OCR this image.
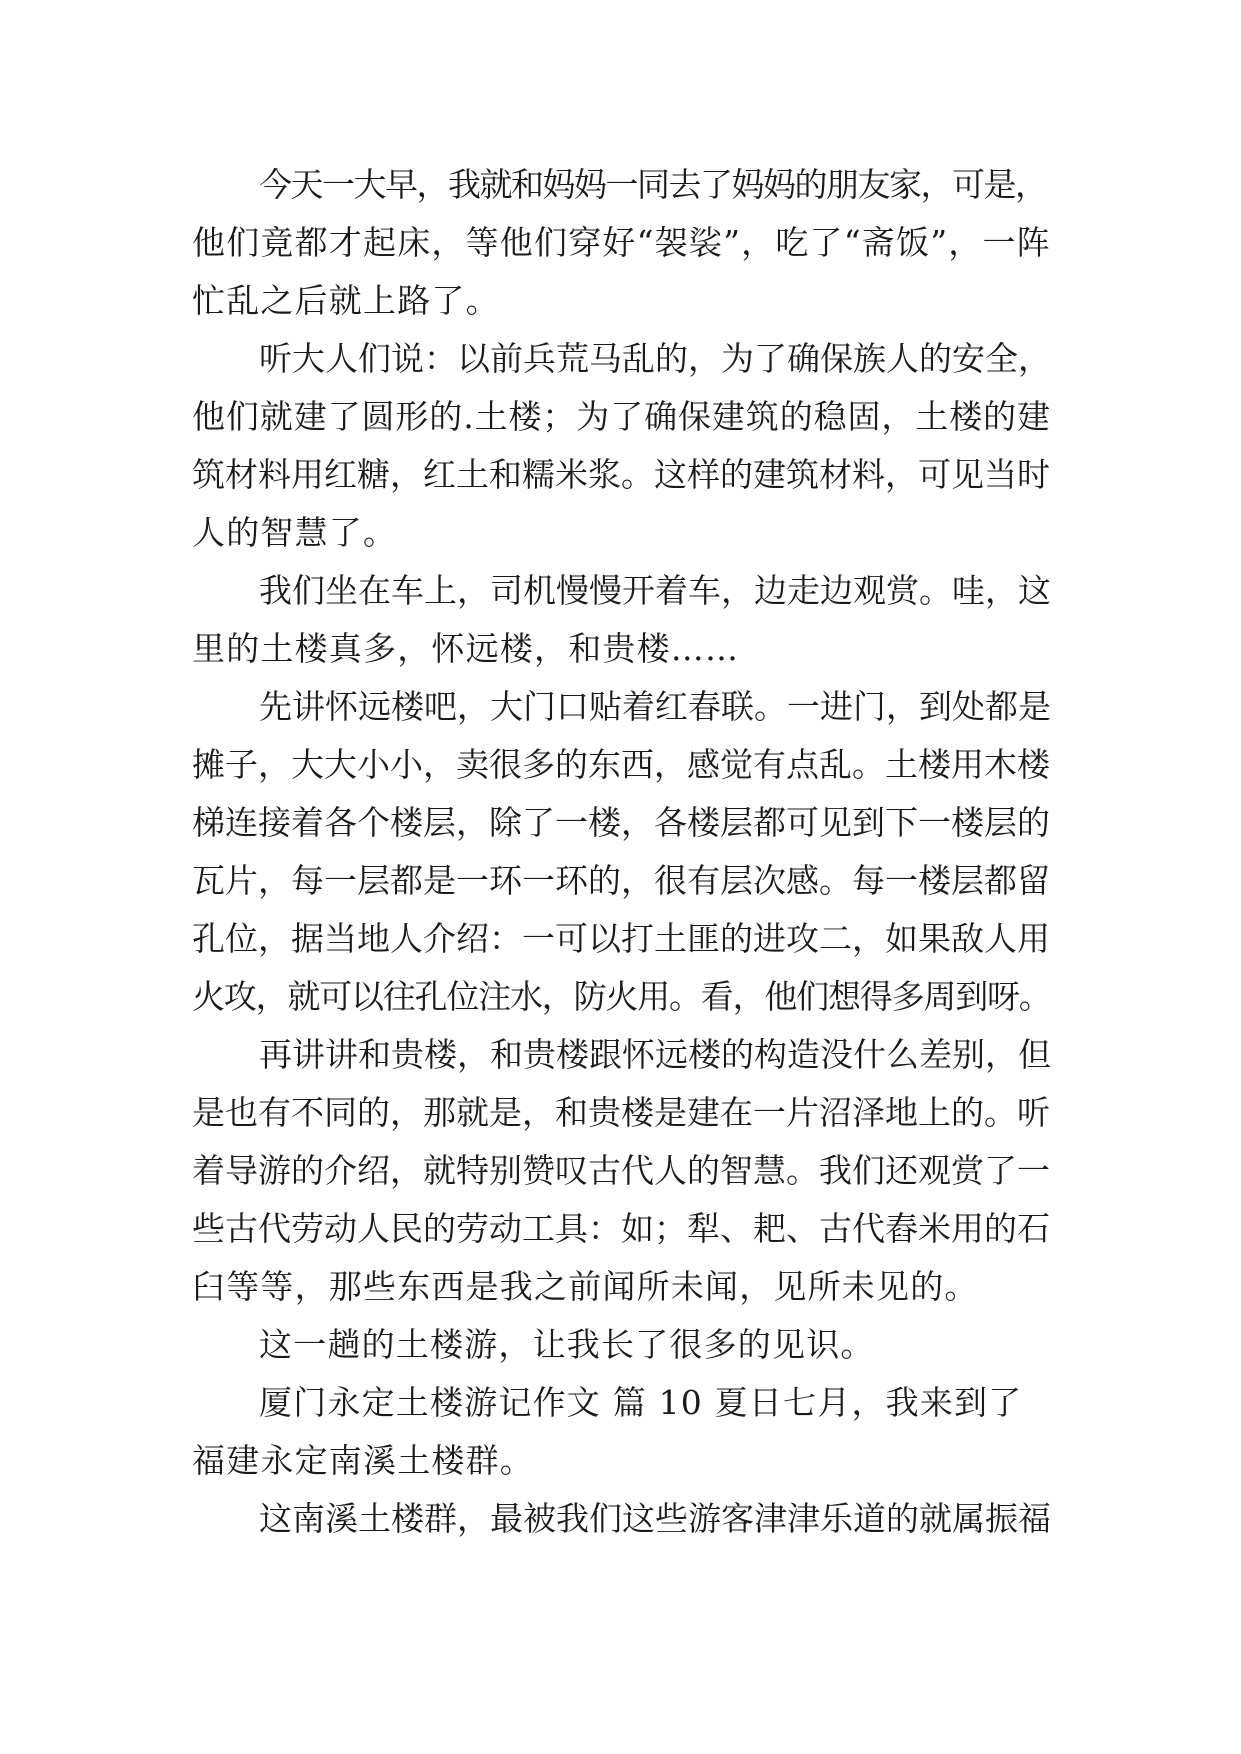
今天一大早，我就和妈妈一同去了妈妈的朋友家，可是，
他们竟都才起床，等他们穿好“袈裟”，吃了“斋饭”，一阵
忙乱之后就上路了。
听大人们说：以前兵荒马乱的，为了确保族人的安全，
他们就建了圆形的.土楼；为了确保建筑的稳固，土楼的建
筑材料用红糖，红土和糯米浆。这样的建筑材料，可见当时
人的智慧了。
我们坐在车上，司机慢慢开着车，边走边观赏。哇，这
里的土楼真多，怀远楼，和贵楼……
先讲怀远楼吧，大门口贴着红春联。一进门，到处都是
摊子，大大小小，卖很多的东西，感觉有点乱。土楼用木楼
梯连接着各个楼层，除了一楼，各楼层都可见到下一楼层的
瓦片，每一层都是一环一环的，很有层次感。每一楼层都留
孔位，据当地人介绍：一可以打土匪的进攻二，如果敌人用
火攻，就可以往孔位注水，防火用。看，他们想得多周到呀。
再讲讲和贵楼，和贵楼跟怀远楼的构造没什么差别，但
是也有不同的，那就是，和贵楼是建在一片沼泽地上的。听
着导游的介绍，就特别赞叹古代人的智慧。我们还观赏了一
些古代劳动人民的劳动工具：如；犁、耙、古代舂米用的石
臼等等，那些东西是我之前闻所未闻，见所未见的。
这一趟的土楼游，让我长了很多的见识。
厦门永定土楼游记作文 篇 10 夏日七月，我来到了
福建永定南溪土楼群。
这南溪土楼群，最被我们这些游客津津乐道的就属振福
